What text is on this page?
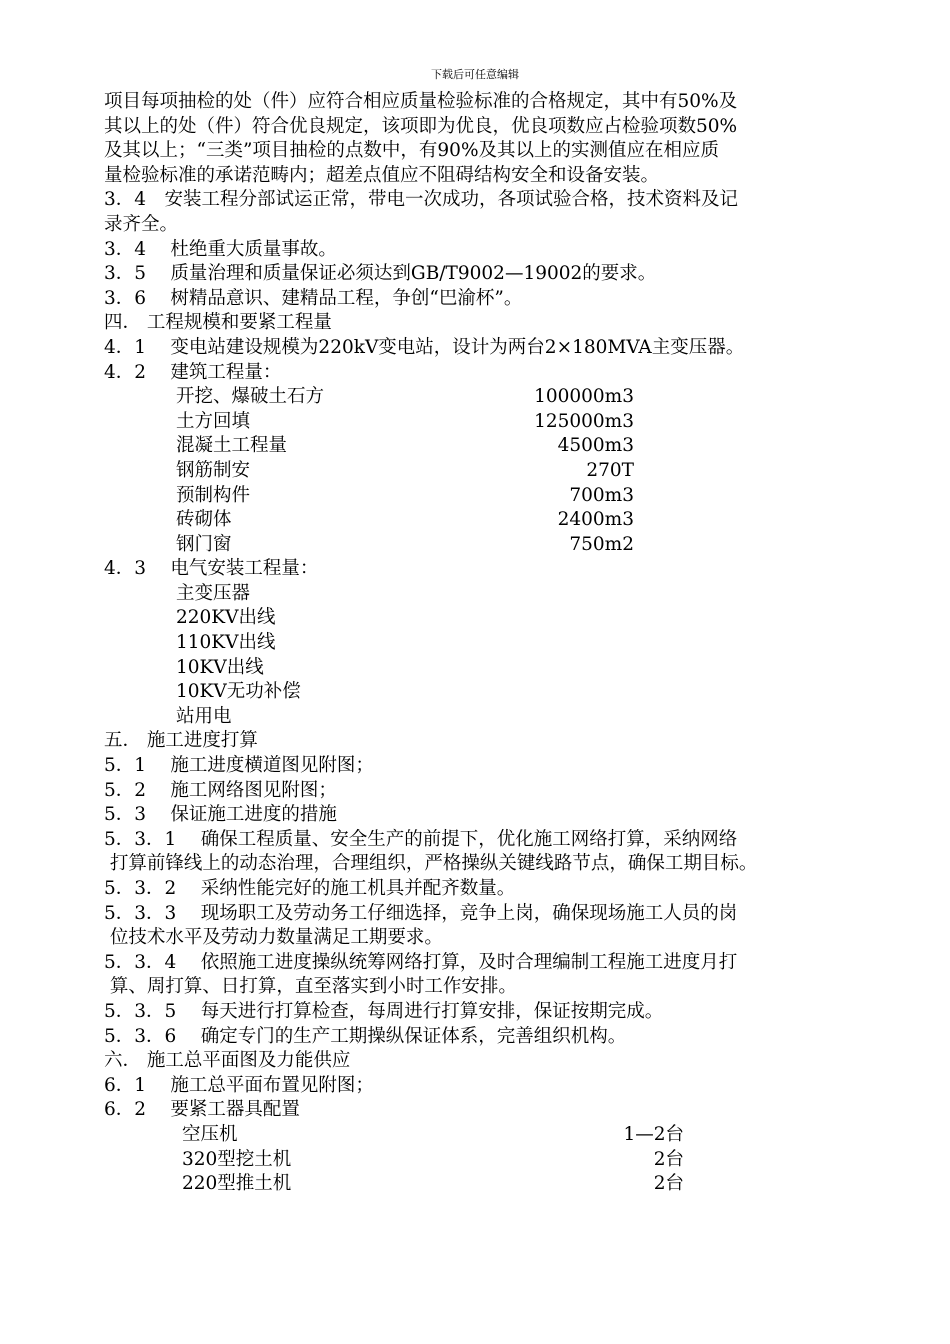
下载后可任意编辑
项目每项抽检的处（件）应符合相应质量检验标准的合格规定，其中有50%及
其以上的处（件）符合优良规定，该项即为优良，优良项数应占检验项数50%
及其以上；“三类”项目抽检的点数中，有90%及其以上的实测值应在相应质
量检验标准的承诺范畴内；超差点值应不阻碍结构安全和设备安装。
3．4　安装工程分部试运正常，带电一次成功，各项试验合格，技术资料及记
录齐全。
3．4　 杜绝重大质量事故。
3．5　 质量治理和质量保证必须达到GB/T9002—19002的要求。
3．6　 树精品意识、建精品工程，争创“巴渝杯”。
四． 工程规模和要紧工程量
4．1　 变电站建设规模为220kV变电站，设计为两台2×180MVA主变压器。
4．2　 建筑工程量：
开挖、爆破土石方	100000m3
土方回填	125000m3
混凝土工程量	4500m3
钢筋制安	270T
预制构件	700m3
砖砌体	2400m3
钢门窗	750m2
4．3　 电气安装工程量：
主变压器
220KV出线
110KV出线
10KV出线
10KV无功补偿
站用电
五． 施工进度打算
5．1　 施工进度横道图见附图；
5．2　 施工网络图见附图；
5．3　 保证施工进度的措施
5．3．1　 确保工程质量、安全生产的前提下，优化施工网络打算，采纳网络
打算前锋线上的动态治理，合理组织，严格操纵关键线路节点，确保工期目标。
5．3．2　 采纳性能完好的施工机具并配齐数量。
5．3．3　 现场职工及劳动务工仔细选择，竞争上岗，确保现场施工人员的岗
位技术水平及劳动力数量满足工期要求。
5．3．4　 依照施工进度操纵统筹网络打算，及时合理编制工程施工进度月打
算、周打算、日打算，直至落实到小时工作安排。
5．3．5　 每天进行打算检查，每周进行打算安排，保证按期完成。
5．3．6　 确定专门的生产工期操纵保证体系，完善组织机构。
六． 施工总平面图及力能供应
6．1　 施工总平面布置见附图；
6．2　 要紧工器具配置
空压机	1—2台
320型挖土机	2台
220型推土机	2台
